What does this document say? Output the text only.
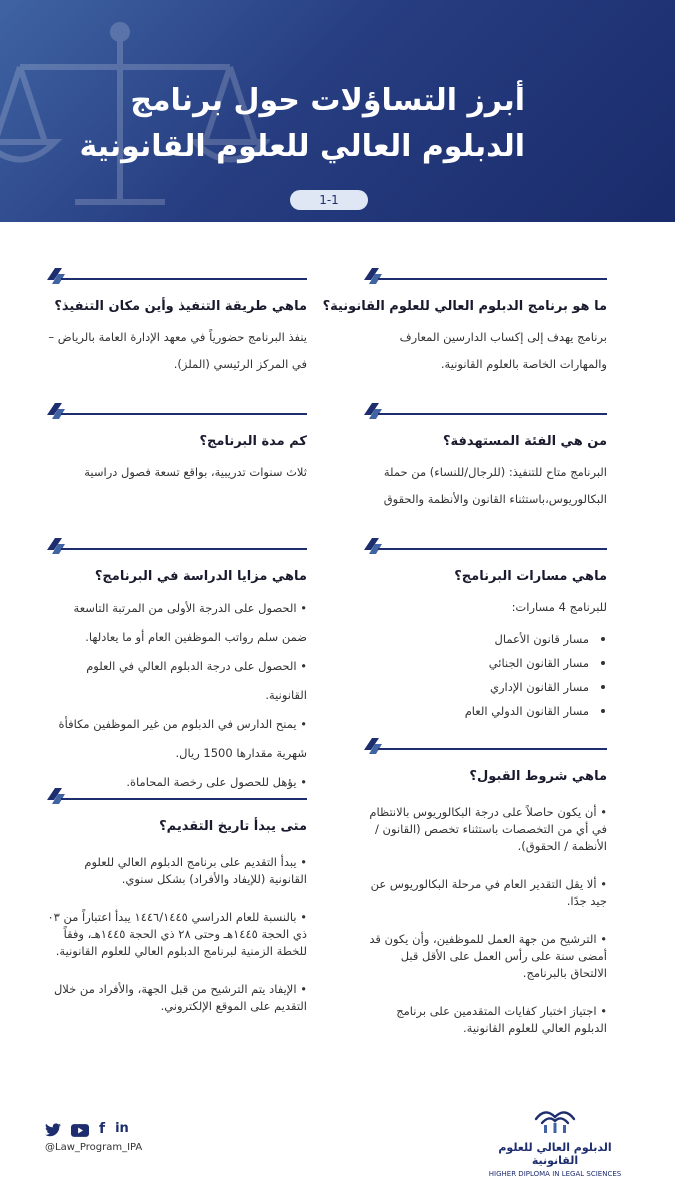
أبرز التساؤلات حول برنامج
الدبلوم العالي للعلوم القانونية
1-1
ما هو برنامج الدبلوم العالي للعلوم القانونية؟

برنامج يهدف إلى إكساب الدارسين المعارف والمهارات الخاصة بالعلوم القانونية.

من هي الفئة المستهدفة؟

البرنامج متاح للتنفيذ: (للرجال/للنساء) من حملة البكالوريوس،باستثناء القانون والأنظمة والحقوق

ماهي مسارات البرنامج؟

للبرنامج 4 مسارات:

مسار قانون الأعمال
مسار القانون الجنائي
مسار القانون الإداري
مسار القانون الدولي العام
ماهي شروط القبول؟
• أن يكون حاصلاً على درجة البكالوريوس بالانتظام في أي من التخصصات باستثناء تخصص (القانون / الأنظمة / الحقوق).
• ألا يقل التقدير العام في مرحلة البكالوريوس عن جيد جدًا.
• الترشيح من جهة العمل للموظفين، وأن يكون قد أمضى سنة على رأس العمل على الأقل قبل الالتحاق بالبرنامج.
• اجتياز اختبار كفايات المتقدمين على برنامج الدبلوم العالي للعلوم القانونية.
ماهي طريقة التنفيذ وأين مكان التنفيذ؟

ينفذ البرنامج حضورياً في معهد الإدارة العامة بالرياض – في المركز الرئيسي (الملز).

كم مدة البرنامج؟

ثلاث سنوات تدريبية، بواقع تسعة فصول دراسية

ماهي مزايا الدراسة في البرنامج؟
• الحصول على الدرجة الأولى من المرتبة التاسعة ضمن سلم رواتب الموظفين العام أو ما يعادلها.
• الحصول على درجة الدبلوم العالي في العلوم القانونية.
• يمنح الدارس في الدبلوم من غير الموظفين مكافأة شهرية مقدارها 1500 ريال.
• يؤهل للحصول على رخصة المحاماة.
متى يبدأ تاريخ التقديم؟
• يبدأ التقديم على برنامج الدبلوم العالي للعلوم القانونية (للإيفاد والأفراد) بشكل سنوي.
• بالنسبة للعام الدراسي ١٤٤٦/١٤٤٥ يبدأ اعتباراً من ٠٣ ذي الحجة ١٤٤٥هـ وحتى ٢٨ ذي الحجة ١٤٤٥هـ، وفقاً للخطة الزمنية لبرنامج الدبلوم العالي للعلوم القانونية.
• الإيفاد يتم الترشيح من قبل الجهة، والأفراد من خلال التقديم على الموقع الإلكتروني.
f in
@Law_Program_IPA	الدبلوم العالي للعلوم القانونية
HIGHER DIPLOMA IN LEGAL SCIENCES
